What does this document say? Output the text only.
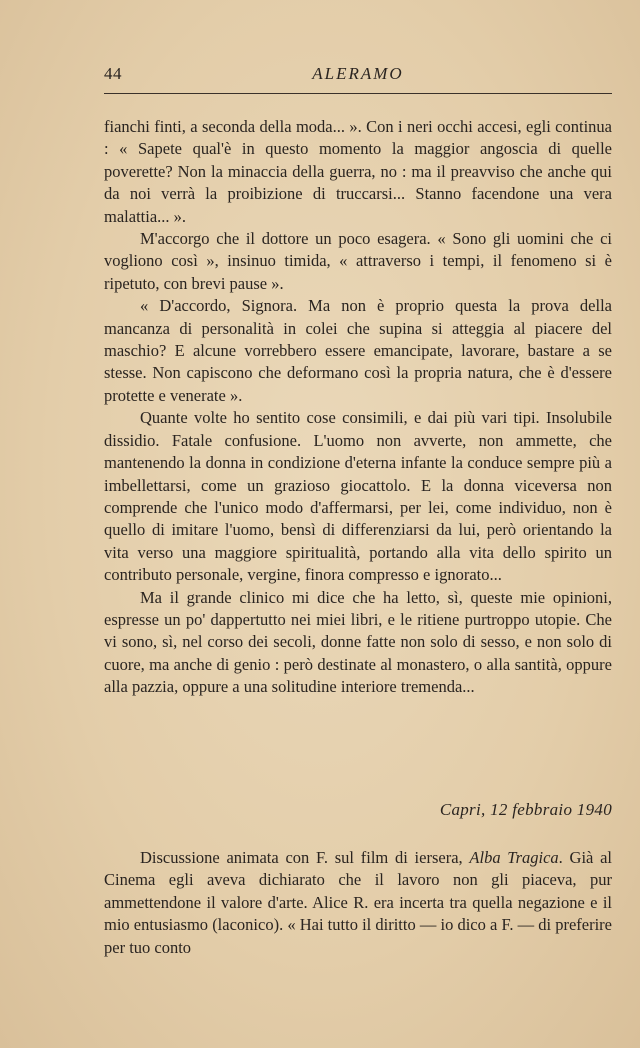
44	ALERAMO

fianchi finti, a seconda della moda... ». Con i neri occhi accesi, egli continua : « Sapete qual'è in questo momento la maggior angoscia di quelle poverette? Non la minaccia della guerra, no : ma il preavviso che anche qui da noi verrà la proibizione di truccarsi... Stanno facendone una vera malattia... ».

M'accorgo che il dottore un poco esagera. « Sono gli uomini che ci vogliono così », insinuo timida, « attraverso i tempi, il fenomeno si è ripetuto, con brevi pause ».

« D'accordo, Signora. Ma non è proprio questa la prova della mancanza di personalità in colei che supina si atteggia al piacere del maschio? E alcune vorrebbero essere emancipate, lavorare, bastare a se stesse. Non capiscono che deformano così la propria natura, che è d'essere protette e venerate ».

Quante volte ho sentito cose consimili, e dai più vari tipi. Insolubile dissidio. Fatale confusione. L'uomo non avverte, non ammette, che mantenendo la donna in condizione d'eterna infante la conduce sempre più a imbellettarsi, come un grazioso giocattolo. E la donna viceversa non comprende che l'unico modo d'affermarsi, per lei, come individuo, non è quello di imitare l'uomo, bensì di differenziarsi da lui, però orientando la vita verso una maggiore spiritualità, portando alla vita dello spirito un contributo personale, vergine, finora compresso e ignorato...

Ma il grande clinico mi dice che ha letto, sì, queste mie opinioni, espresse un po' dappertutto nei miei libri, e le ritiene purtroppo utopie. Che vi sono, sì, nel corso dei secoli, donne fatte non solo di sesso, e non solo di cuore, ma anche di genio : però destinate al monastero, o alla santità, oppure alla pazzia, oppure a una solitudine interiore tremenda...

Capri, 12 febbraio 1940

Discussione animata con F. sul film di iersera, Alba Tragica. Già al Cinema egli aveva dichiarato che il lavoro non gli piaceva, pur ammettendone il valore d'arte. Alice R. era incerta tra quella negazione e il mio entusiasmo (laconico). « Hai tutto il diritto — io dico a F. — di preferire per tuo conto
